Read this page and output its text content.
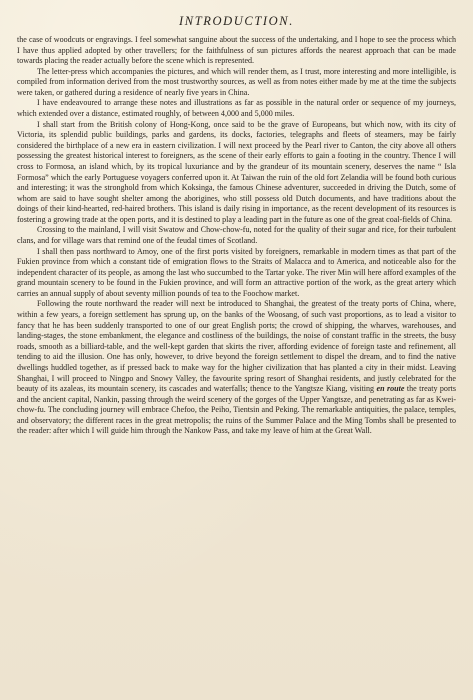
INTRODUCTION.

the case of woodcuts or engravings. I feel somewhat sanguine about the success of the undertaking, and I hope to see the process which I have thus applied adopted by other travellers; for the faithfulness of sun pictures affords the nearest approach that can be made towards placing the reader actually before the scene which is represented.

The letter-press which accompanies the pictures, and which will render them, as I trust, more interesting and more intelligible, is compiled from information derived from the most trustworthy sources, as well as from notes either made by me at the time the subjects were taken, or gathered during a residence of nearly five years in China.

I have endeavoured to arrange these notes and illustrations as far as possible in the natural order or sequence of my journeys, which extended over a distance, estimated roughly, of between 4,000 and 5,000 miles.

I shall start from the British colony of Hong-Kong, once said to be the grave of Europeans, but which now, with its city of Victoria, its splendid public buildings, parks and gardens, its docks, factories, telegraphs and fleets of steamers, may be fairly considered the birthplace of a new era in eastern civilization. I will next proceed by the Pearl river to Canton, the city above all others possessing the greatest historical interest to foreigners, as the scene of their early efforts to gain a footing in the country. Thence I will cross to Formosa, an island which, by its tropical luxuriance and by the grandeur of its mountain scenery, deserves the name “ Isla Formosa” which the early Portuguese voyagers conferred upon it. At Taiwan the ruin of the old fort Zelandia will be found both curious and interesting; it was the stronghold from which Koksinga, the famous Chinese adventurer, succeeded in driving the Dutch, some of whom are said to have sought shelter among the aborigines, who still possess old Dutch documents, and have traditions about the doings of their kind-hearted, red-haired brothers. This island is daily rising in importance, as the recent development of its resources is fostering a growing trade at the open ports, and it is destined to play a leading part in the future as one of the great coal-fields of China.

Crossing to the mainland, I will visit Swatow and Chow-chow-fu, noted for the quality of their sugar and rice, for their turbulent clans, and for village wars that remind one of the feudal times of Scotland.

I shall then pass northward to Amoy, one of the first ports visited by foreigners, remarkable in modern times as that part of the Fukien province from which a constant tide of emigration flows to the Straits of Malacca and to America, and noticeable also for the independent character of its people, as among the last who succumbed to the Tartar yoke. The river Min will here afford examples of the grand mountain scenery to be found in the Fukien province, and will form an attractive portion of the work, as the great artery which carries an annual supply of about seventy million pounds of tea to the Foochow market.

Following the route northward the reader will next be introduced to Shanghai, the greatest of the treaty ports of China, where, within a few years, a foreign settlement has sprung up, on the banks of the Woosang, of such vast proportions, as to lead a visitor to fancy that he has been suddenly transported to one of our great English ports; the crowd of shipping, the wharves, warehouses, and landing-stages, the stone embankment, the elegance and costliness of the buildings, the noise of constant traffic in the streets, the busy roads, smooth as a billiard-table, and the well-kept garden that skirts the river, affording evidence of foreign taste and refinement, all tending to aid the illusion. One has only, however, to drive beyond the foreign settlement to dispel the dream, and to find the native dwellings huddled together, as if pressed back to make way for the higher civilization that has planted a city in their midst. Leaving Shanghai, I will proceed to Ningpo and Snowy Valley, the favourite spring resort of Shanghai residents, and justly celebrated for the beauty of its azaleas, its mountain scenery, its cascades and waterfalls; thence to the Yangtsze Kiang, visiting en route the treaty ports and the ancient capital, Nankin, passing through the weird scenery of the gorges of the Upper Yangtsze, and penetrating as far as Kwei-chow-fu. The concluding journey will embrace Chefoo, the Peiho, Tientsin and Peking. The remarkable antiquities, the palace, temples, and observatory; the different races in the great metropolis; the ruins of the Summer Palace and the Ming Tombs shall be presented to the reader: after which I will guide him through the Nankow Pass, and take my leave of him at the Great Wall.
